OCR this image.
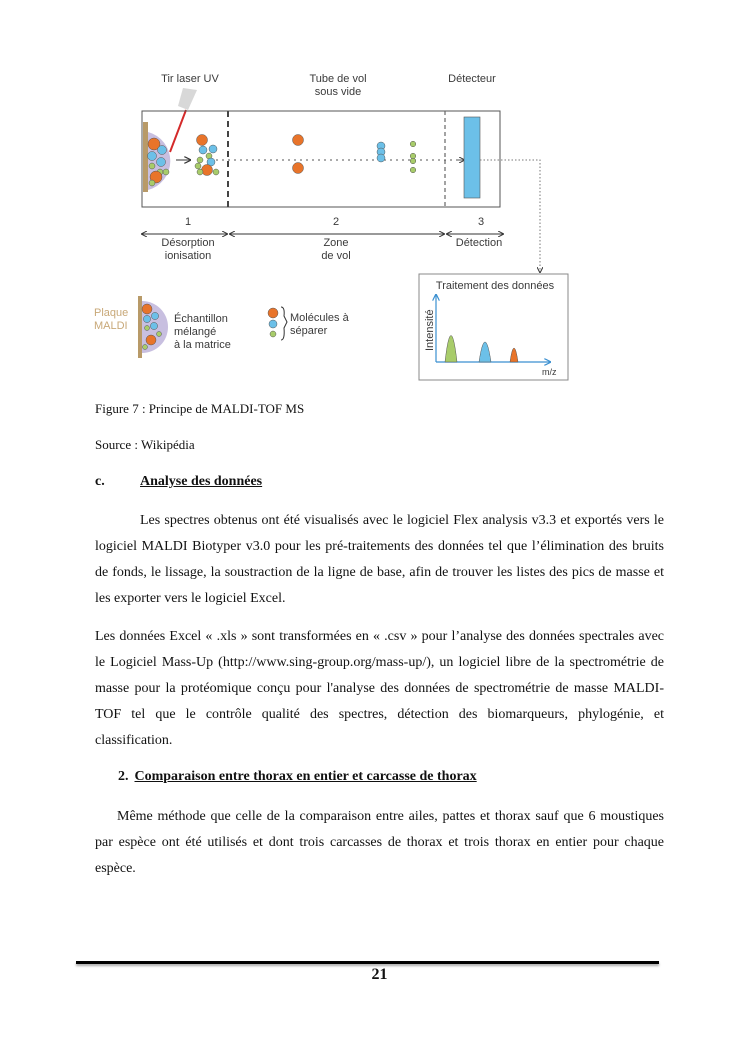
Tir laser UV	Tube de vol
sous vide
Détecteur
1	2	3
Désorption
ionisation
Zone
de vol
Détection
Plaque
MALDI
Échantillon
mélangé
à la matrice
Molécules à
séparer
Traitement des données
Intensité
m/z
Figure 7 : Principe de MALDI-TOF MS
Source : Wikipédia
c.	Analyse des données
Les spectres obtenus ont été visualisés avec le logiciel Flex analysis v3.3 et exportés vers le logiciel MALDI Biotyper v3.0 pour les pré-traitements des données tel que l’élimination des bruits de fonds, le lissage, la soustraction de la ligne de base, afin de trouver les listes des pics de masse et les exporter vers le logiciel Excel.
Les données Excel « .xls » sont transformées en « .csv » pour l’analyse des données spectrales avec le Logiciel Mass-Up (http://www.sing-group.org/mass-up/), un logiciel libre de la spectrométrie de masse pour la protéomique conçu pour l'analyse des données de spectrométrie de masse MALDI-TOF tel que le contrôle qualité des spectres, détection des biomarqueurs, phylogénie, et classification.
2. Comparaison entre thorax en entier et carcasse de thorax
Même méthode que celle de la comparaison entre ailes, pattes et thorax sauf que 6 moustiques par espèce ont été utilisés et dont trois carcasses de thorax et trois thorax en entier pour chaque espèce.
21
